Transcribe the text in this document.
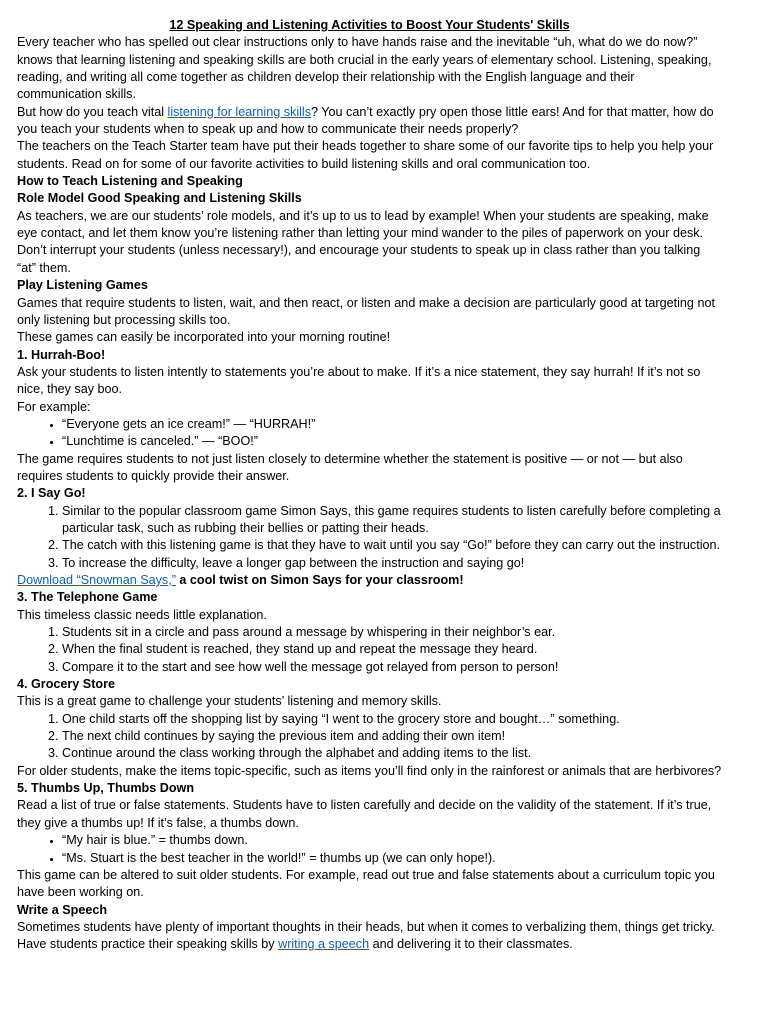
12 Speaking and Listening Activities to Boost Your Students' Skills

Every teacher who has spelled out clear instructions only to have hands raise and the inevitable “uh, what do we do now?” knows that learning listening and speaking skills are both crucial in the early years of elementary school. Listening, speaking, reading, and writing all come together as children develop their relationship with the English language and their communication skills.

But how do you teach vital listening for learning skills? You can’t exactly pry open those little ears! And for that matter, how do you teach your students when to speak up and how to communicate their needs properly?

The teachers on the Teach Starter team have put their heads together to share some of our favorite tips to help you help your students. Read on for some of our favorite activities to build listening skills and oral communication too.

How to Teach Listening and Speaking

Role Model Good Speaking and Listening Skills

As teachers, we are our students’ role models, and it’s up to us to lead by example! When your students are speaking, make eye contact, and let them know you’re listening rather than letting your mind wander to the piles of paperwork on your desk. Don’t interrupt your students (unless necessary!), and encourage your students to speak up in class rather than you talking “at” them.

Play Listening Games

Games that require students to listen, wait, and then react, or listen and make a decision are particularly good at targeting not only listening but processing skills too.

These games can easily be incorporated into your morning routine!

1. Hurrah-Boo!

Ask your students to listen intently to statements you’re about to make. If it’s a nice statement, they say hurrah! If it’s not so nice, they say boo.

For example:

• “Everyone gets an ice cream!” — “HURRAH!”
• “Lunchtime is canceled.” — “BOO!”

The game requires students to not just listen closely to determine whether the statement is positive — or not — but also requires students to quickly provide their answer.

2. I Say Go!

1. Similar to the popular classroom game Simon Says, this game requires students to listen carefully before completing a particular task, such as rubbing their bellies or patting their heads.
2. The catch with this listening game is that they have to wait until you say “Go!” before they can carry out the instruction.
3. To increase the difficulty, leave a longer gap between the instruction and saying go!

Download “Snowman Says,” a cool twist on Simon Says for your classroom!

3. The Telephone Game

This timeless classic needs little explanation.

1. Students sit in a circle and pass around a message by whispering in their neighbor’s ear.
2. When the final student is reached, they stand up and repeat the message they heard.
3. Compare it to the start and see how well the message got relayed from person to person!

4. Grocery Store

This is a great game to challenge your students’ listening and memory skills.

1. One child starts off the shopping list by saying “I went to the grocery store and bought…” something.
2. The next child continues by saying the previous item and adding their own item!
3. Continue around the class working through the alphabet and adding items to the list.

For older students, make the items topic-specific, such as items you’ll find only in the rainforest or animals that are herbivores?

5. Thumbs Up, Thumbs Down

Read a list of true or false statements. Students have to listen carefully and decide on the validity of the statement. If it’s true, they give a thumbs up! If it’s false, a thumbs down.

• “My hair is blue.” = thumbs down.
• “Ms. Stuart is the best teacher in the world!” = thumbs up (we can only hope!).

This game can be altered to suit older students. For example, read out true and false statements about a curriculum topic you have been working on.

Write a Speech

Sometimes students have plenty of important thoughts in their heads, but when it comes to verbalizing them, things get tricky. Have students practice their speaking skills by writing a speech and delivering it to their classmates.
